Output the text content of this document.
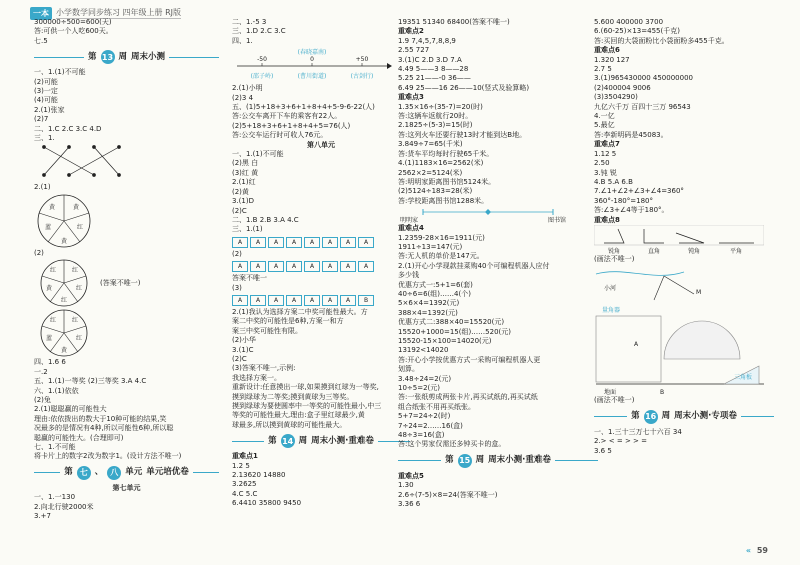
一本 小学数学同步练习 四年级上册 RJ版
300000÷500=600(天)
答:可供一个人吃600天。
七.5
第 13 周 周末小测
一、1.(1)不可能
(2)可能
(3)一定
(4)可能
2.(1)张家
(2)7
二、1.C 2.C 3.C 4.D
三、1.
2.(1)
黄
红
黄
蓝
黄
(2)
红
红
红
黄
红
(答案不唯一)
红
红
黄
蓝
红
四、1.6 6
一.2
五、1.(1)一等奖 (2)三等奖 3.A 4.C
六、1.(1)依依
(2)兔
2.(1)聪聪赢的可能性大
理由:依依拨出的数大于10种可能的结果,笑
况最多的是情况有4种,所以可能性6种,所以聪
聪赢的可能性大。(合理即可)
七、1.不可能
将卡片上的数字2改为数字1。(设计方法不唯一)
第 七 、 八 单元 单元培优卷
第七单元
一、1.一130
2.向北行驶2000米
3.+7
二、1.-5 3
三、1.D 2.C 3.C
四、1.
(春晓嘉南)
(邵子岭)	(曹川街道)	(古剑行)
-50	0	+50
2.(1)小明
(2)3 4
五、(1)5+18+3+6+1+8+4+5-9-6-22(人)
答:公交车离开下车的乘客有22人。
(2)5+18+3+6+1+8+4+5=76(人)
答:公交车运行时可收人76元。
第八单元
一、1.(1)不可能
(2)黑 白
(3)红 黄
2.(1)红
(2)黄
3.(1)D
(2)C
二、1.B 2.B 3.A 4.C
三、1.(1)
A	A	A	A	A	A	A	A
(2)
A	A	A	A	A	A	A	A
答案不唯一
(3)
A	A	A	A	A	A	A	B
2.(1)我认为选择方案二中奖可能性最大。方
案二中奖的可能性是6种,方案一和方
案三中奖可能性有限。
(2)小华
3.(1)C
(2)C
(3)答案不唯一,示例:
我选择方案一。
重新设计:任意摸出一球,如果摸到红球为一等奖,
摸到绿球为二等奖;摸到黄球为三等奖。
摸到绿球为要使圆率中一等奖的可能性最小,中三
等奖的可能性最大,理由:盒子里红球最少,黄
球最多,所以摸到黄球的可能性最大。
第 14 周 周末小测·重难卷
重难点1
1.2 5
2.13620 14880
3.2625
4.C 5.C
6.4410 35800 9450
19351 51340 68400(答案不唯一)
重难点2
1.9 7,4,5,7,8,8,9
2.55 727
3.(1)C 2.D 3.D 7.A
4.49 5——3 8——28
5.25 21——-0 36——
6.49 25——16 26——10(竖式及验算略)
重难点3
1.35×16÷(35-7)=20(时)
答:这辆车返航行20时。
2.1825÷(5-3)=15(时)
答:这列火车还要行驶13时才能到达B地。
3.849÷7=65(千米)
答:货车平均每时行驶65千米。
4.(1)1183×16=2562(米)
2562×2=5124(米)
答:明明家距离图书馆5124米。
(2)5124÷183=28(米)
答:学校距离图书馆1288米。
明明家	图书馆
重难点4
1.2359-28×16=1911(元)
1911÷13=147(元)
答:无人机的单价是147元。
2.(1)开心小学现款挂菜购40个可编程机器人应付
多少钱
优惠方式一:5+1=6(套)
40÷6=6(组)……4(个)
5×6×4=1392(元)
388×4=1392(元)
优惠方式二:388×40=15520(元)
15520+1000=15(组)……520(元)
15520-15×100=14020(元)
13192<14020
答:开心小学按优惠方式一采购可编程机器人更
划算。
3.48÷24=2(元)
10÷5=2(元)
答:一张纸剪成两张卡片,再买试纸的,再买试纸
组合纸张不用再买纸张。
5+7=24÷2(时)
7÷24=2……16(盒)
48÷3=16(盒)
答:这个男家仅需还多钟买卡的盒。
第 15 周 周末小测·重难卷
重难点5
1.30
2.6÷(7-5)×8=24(答案不唯一)
3.36 6
5.600 400000 3700
6.(60-25)×13=455(千克)
答:买回的大袋面粉比小袋面粉多455千克。
重难点6
1.320 127
2.7 5
3.(1)965430000 450000000
(2)400004 9006
(3)3504290)
九亿六千万 百四十三万 96543
4.一亿
5.最亿
答:李新明码是45083。
重难点7
1.12 5
2.50
3.钝 锐
4.B 5.A 6.B
7.∠1+∠2+∠3+∠4=360°
360°-180°=180°
答:∠3+∠4等于180°。
重难点8
锐角	直角	钝角	平角
(画法不唯一)
小河
M
量角器
A
B
三角板
地面
(画法不唯一)
第 16 周 周末小测·专项卷
一、1.三十三万七十六百 34
2.> < = > > =
3.6 5
« 59
